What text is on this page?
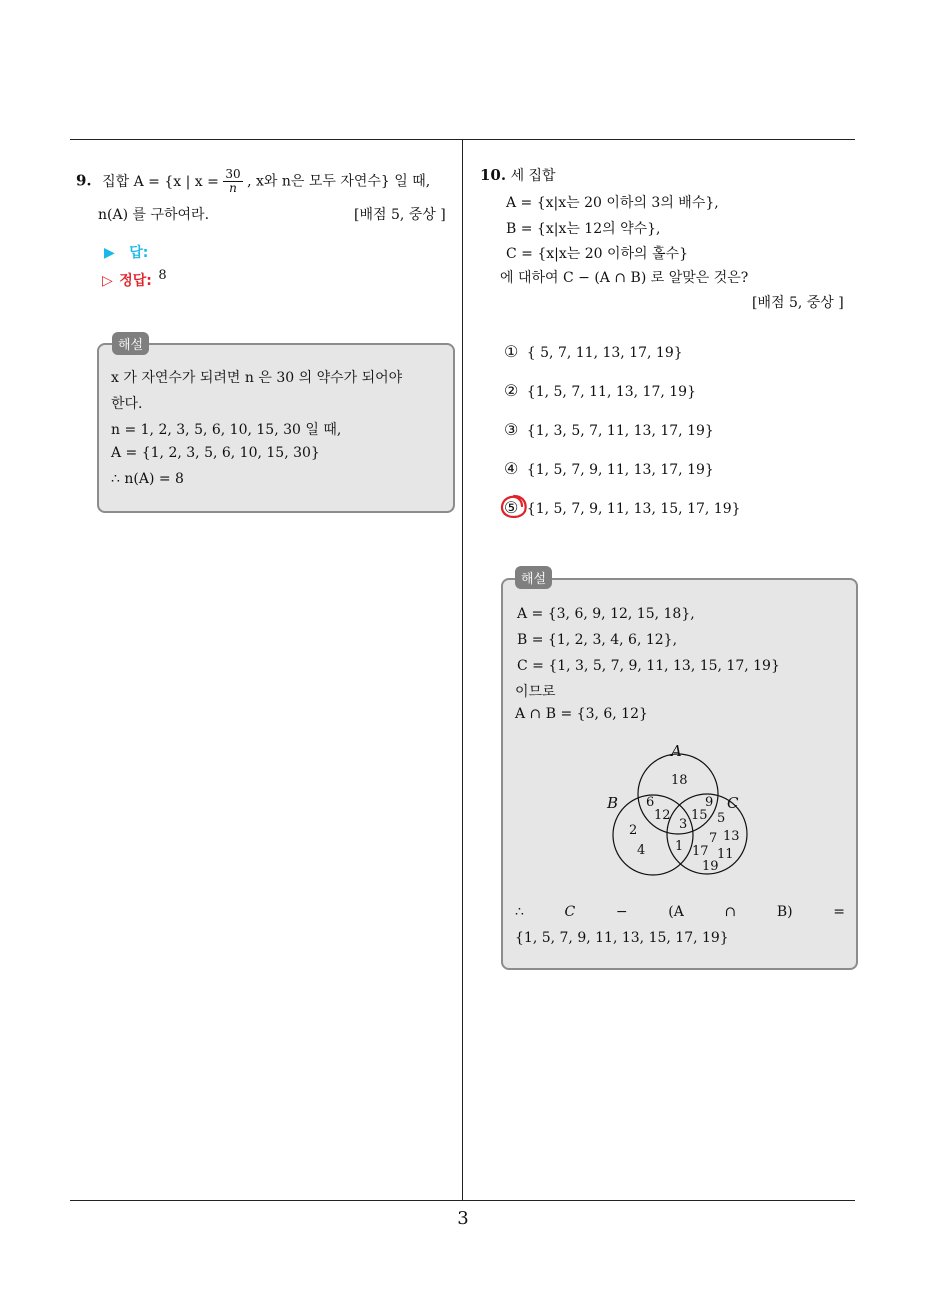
9. 집합 A = {x | $x = \frac{30}{n}$ , x와 n은 모두 자연수} 일 때,
n(A) 를 구하여라.	[배점 5, 중상 ]
▶ 답:
▷ 정답: 8
x 가 자연수가 되려면 n 은 30 의 약수가 되어야
한다.
n = 1, 2, 3, 5, 6, 10, 15, 30 일 때,
A = {1, 2, 3, 5, 6, 10, 15, 30}
∴ n(A) = 8
해설
10. 세 집합
A = {x|x는 20 이하의 3의 배수},
B = {x|x는 12의 약수},
C = {x|x는 20 이하의 홀수}
에 대하여 C − (A ∩ B) 로 알맞은 것은?
[배점 5, 중상 ]
① { 5, 7, 11, 13, 17, 19}
② {1, 5, 7, 11, 13, 17, 19}
③ {1, 3, 5, 7, 11, 13, 17, 19}
④ {1, 5, 7, 9, 11, 13, 17, 19}
⑤ {1, 5, 7, 9, 11, 13, 15, 17, 19}
A = {3, 6, 9, 12, 15, 18},
B = {1, 2, 3, 4, 6, 12},
C = {1, 3, 5, 7, 9, 11, 13, 15, 17, 19}
이므로
A ∩ B = {3, 6, 12}
A
B	C
18
6
12
9
15
3
2
4 1 17
5
7 13
11
19
∴	C	−	(A	∩	B)	=
{1, 5, 7, 9, 11, 13, 15, 17, 19}
해설
3
